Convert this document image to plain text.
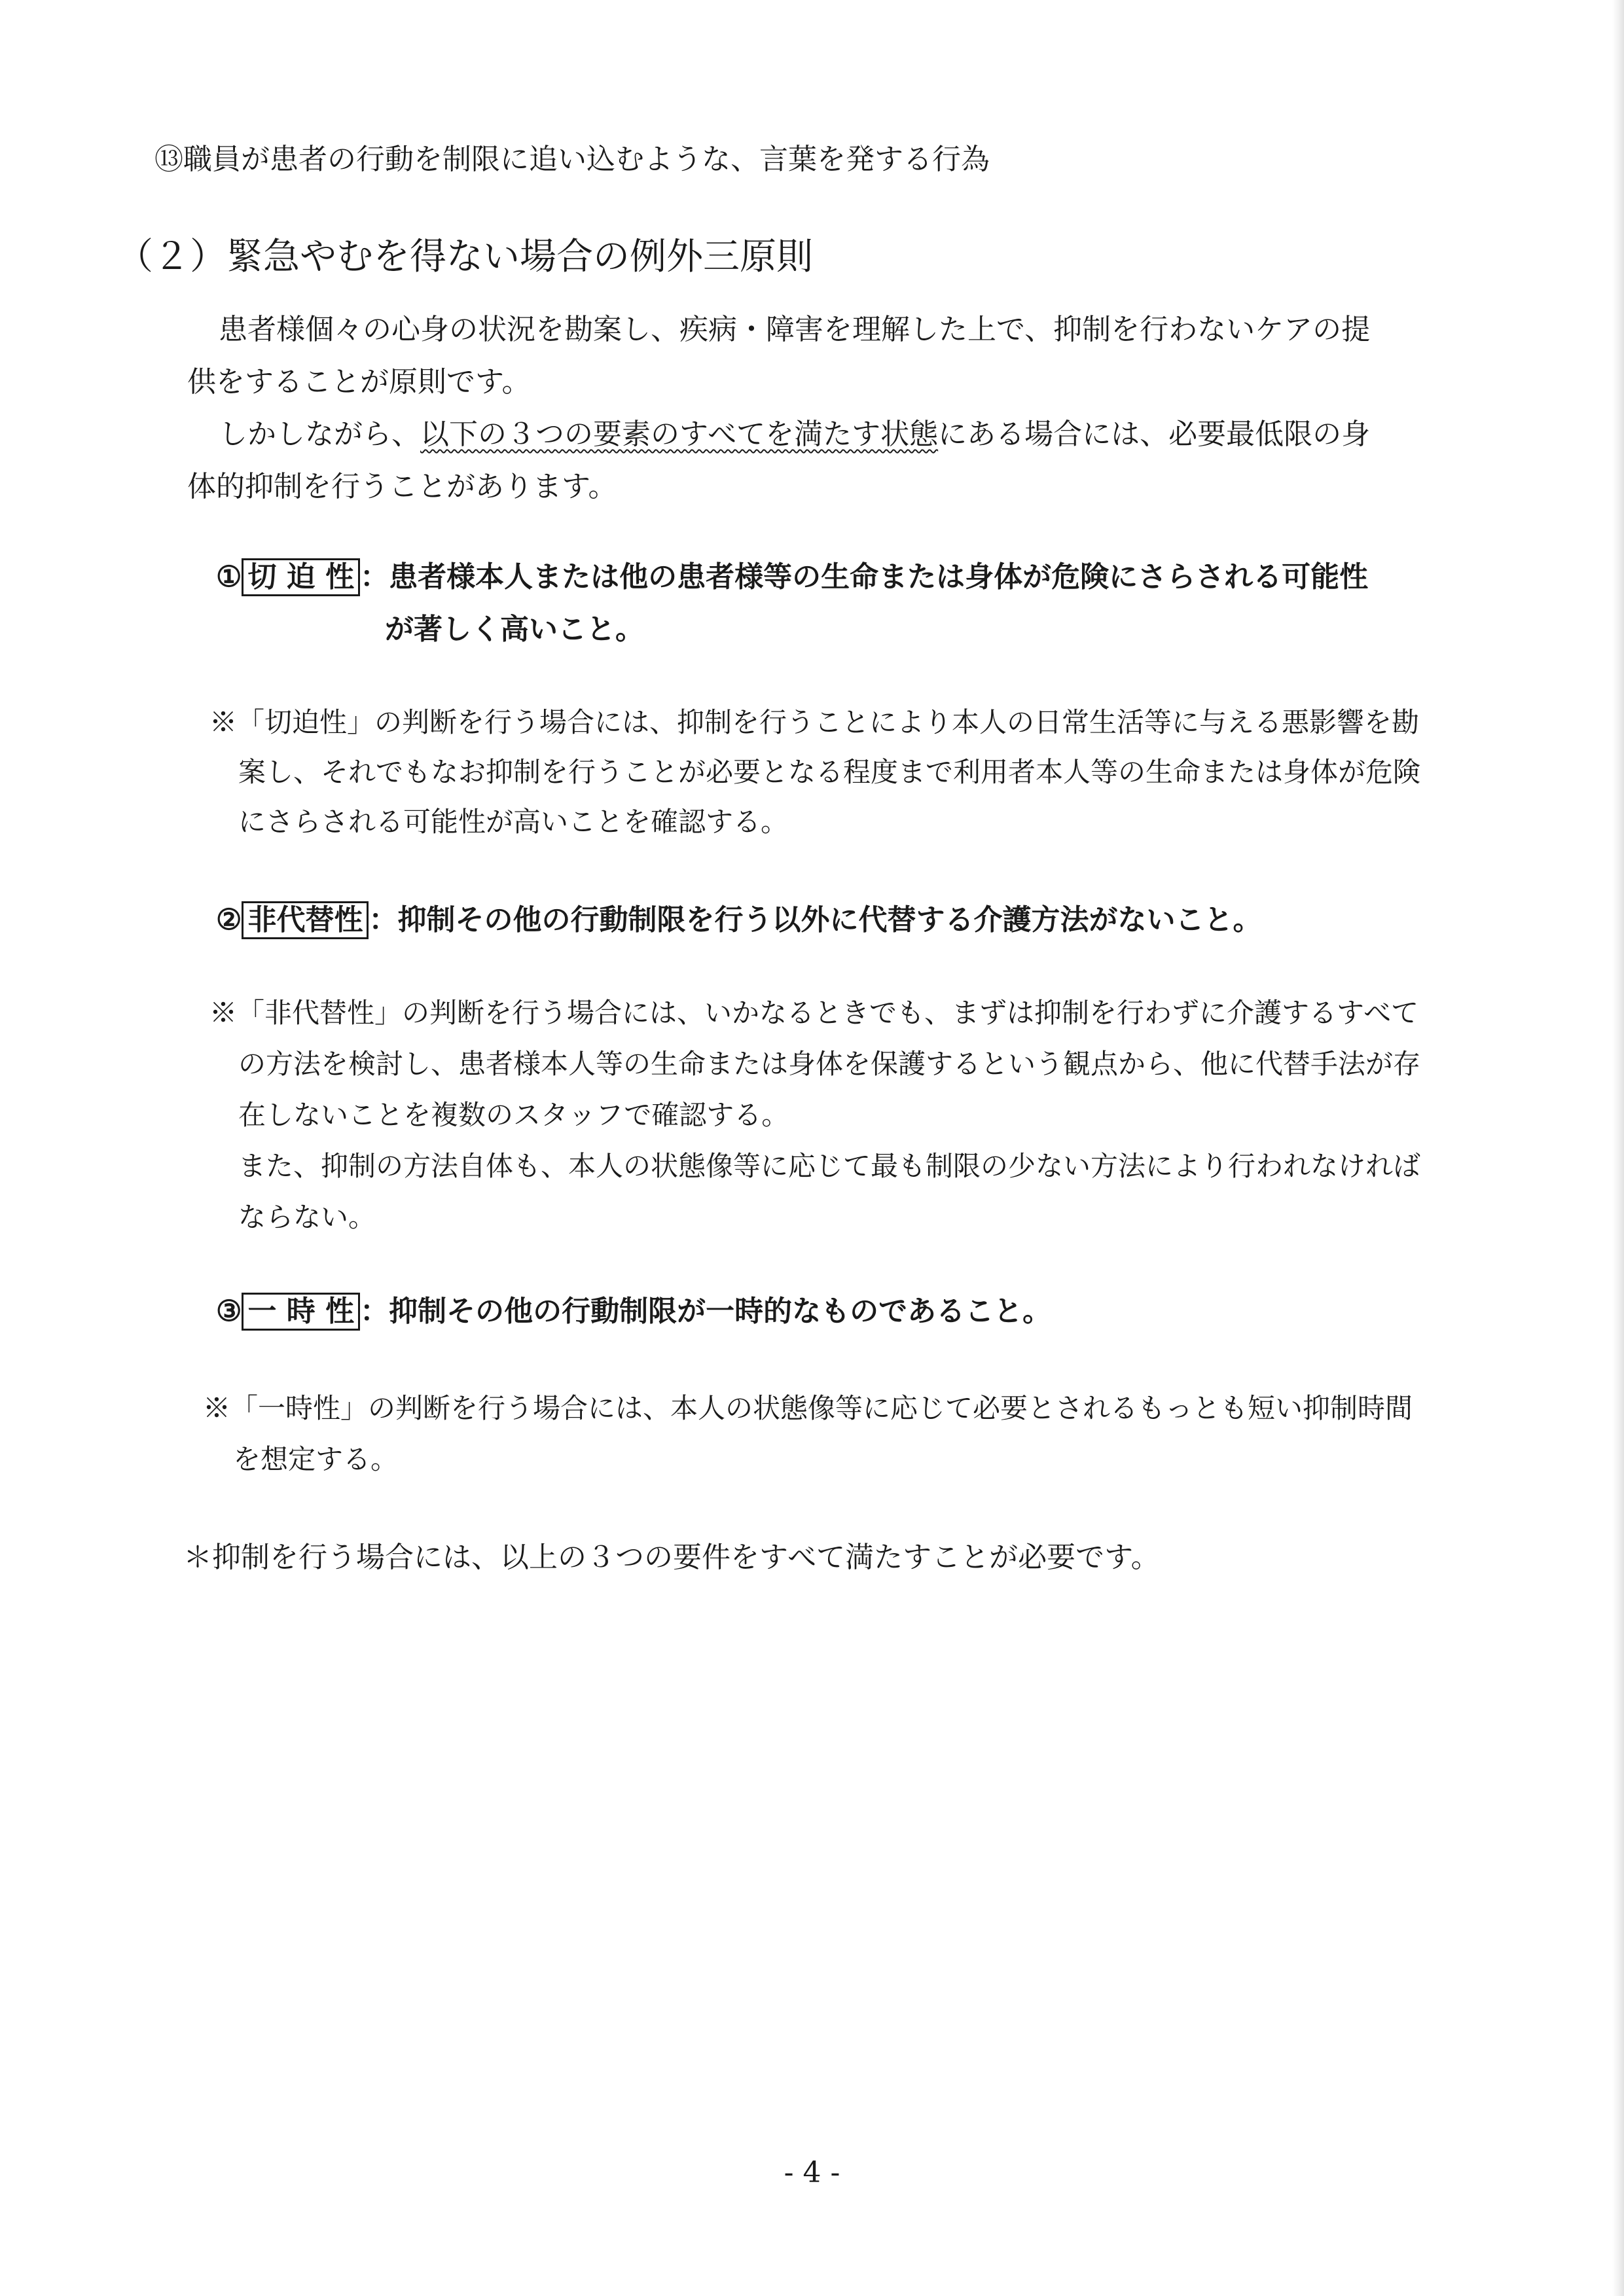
⑬職員が患者の行動を制限に追い込むような、言葉を発する行為
（２）緊急やむを得ない場合の例外三原則
患者様個々の心身の状況を勘案し、疾病・障害を理解した上で、抑制を行わないケアの提
供をすることが原則です。
しかしながら、以下の３つの要素のすべてを満たす状態にある場合には、必要最低限の身
体的抑制を行うことがあります。
① 切 迫 性 ：患者様本人または他の患者様等の生命または身体が危険にさらされる可能性
が著しく高いこと。
※「切迫性」の判断を行う場合には、抑制を行うことにより本人の日常生活等に与える悪影響を勘
案し、それでもなお抑制を行うことが必要となる程度まで利用者本人等の生命または身体が危険
にさらされる可能性が高いことを確認する。
② 非代替性 ：抑制その他の行動制限を行う以外に代替する介護方法がないこと。
※「非代替性」の判断を行う場合には、いかなるときでも、まずは抑制を行わずに介護するすべて
の方法を検討し、患者様本人等の生命または身体を保護するという観点から、他に代替手法が存
在しないことを複数のスタッフで確認する。
また、抑制の方法自体も、本人の状態像等に応じて最も制限の少ない方法により行われなければ
ならない。
③ 一 時 性 ：抑制その他の行動制限が一時的なものであること。
※「一時性」の判断を行う場合には、本人の状態像等に応じて必要とされるもっとも短い抑制時間
を想定する。
＊抑制を行う場合には、以上の３つの要件をすべて満たすことが必要です。
- 4 -
